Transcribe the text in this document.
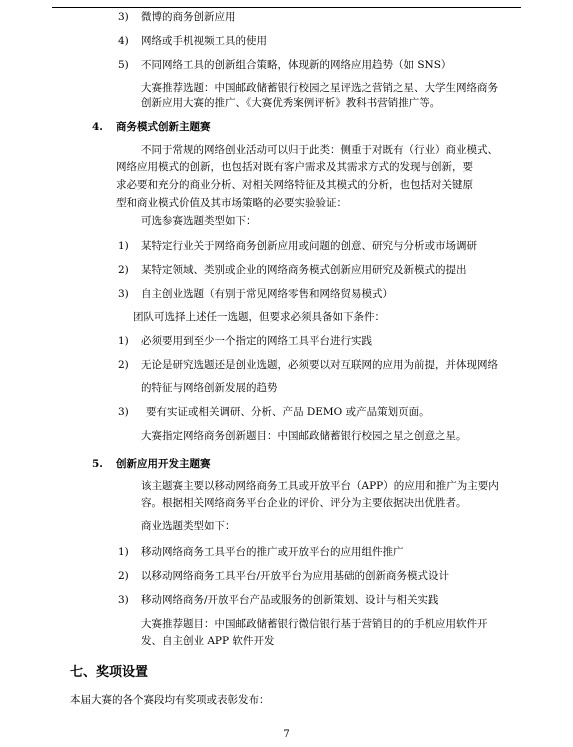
3) 微博的商务创新应用
4) 网络或手机视频工具的使用
5) 不同网络工具的创新组合策略，体现新的网络应用趋势（如 SNS）
大赛推荐选题：中国邮政储蓄银行校园之星评选之营销之星、大学生网络商务
创新应用大赛的推广、《大赛优秀案例评析》教科书营销推广等。
4. 商务模式创新主题赛
不同于常规的网络创业活动可以归于此类：侧重于对既有（行业）商业模式、
网络应用模式的创新，也包括对既有客户需求及其需求方式的发现与创新，要
求必要和充分的商业分析、对相关网络特征及其模式的分析，也包括对关键原
型和商业模式价值及其市场策略的必要实验验证：
可选参赛选题类型如下：
1) 某特定行业关于网络商务创新应用或问题的创意、研究与分析或市场调研
2) 某特定领域、类别或企业的网络商务模式创新应用研究及新模式的提出
3) 自主创业选题（有别于常见网络零售和网络贸易模式）
团队可选择上述任一选题，但要求必须具备如下条件：
1) 必须要用到至少一个指定的网络工具平台进行实践
2) 无论是研究选题还是创业选题，必须要以对互联网的应用为前提，并体现网络
的特征与网络创新发展的趋势
3) 要有实证或相关调研、分析、产品 DEMO 或产品策划页面。
大赛指定网络商务创新题目：中国邮政储蓄银行校园之星之创意之星。
5. 创新应用开发主题赛
该主题赛主要以移动网络商务工具或开放平台（APP）的应用和推广为主要内
容。根据相关网络商务平台企业的评价、评分为主要依据决出优胜者。
商业选题类型如下：
1) 移动网络商务工具平台的推广或开放平台的应用组件推广
2) 以移动网络商务工具平台/开放平台为应用基础的创新商务模式设计
3) 移动网络商务/开放平台产品或服务的创新策划、设计与相关实践
大赛推荐题目：中国邮政储蓄银行微信银行基于营销目的的手机应用软件开
发、自主创业 APP 软件开发
七、奖项设置
本届大赛的各个赛段均有奖项或表彰发布：
7
